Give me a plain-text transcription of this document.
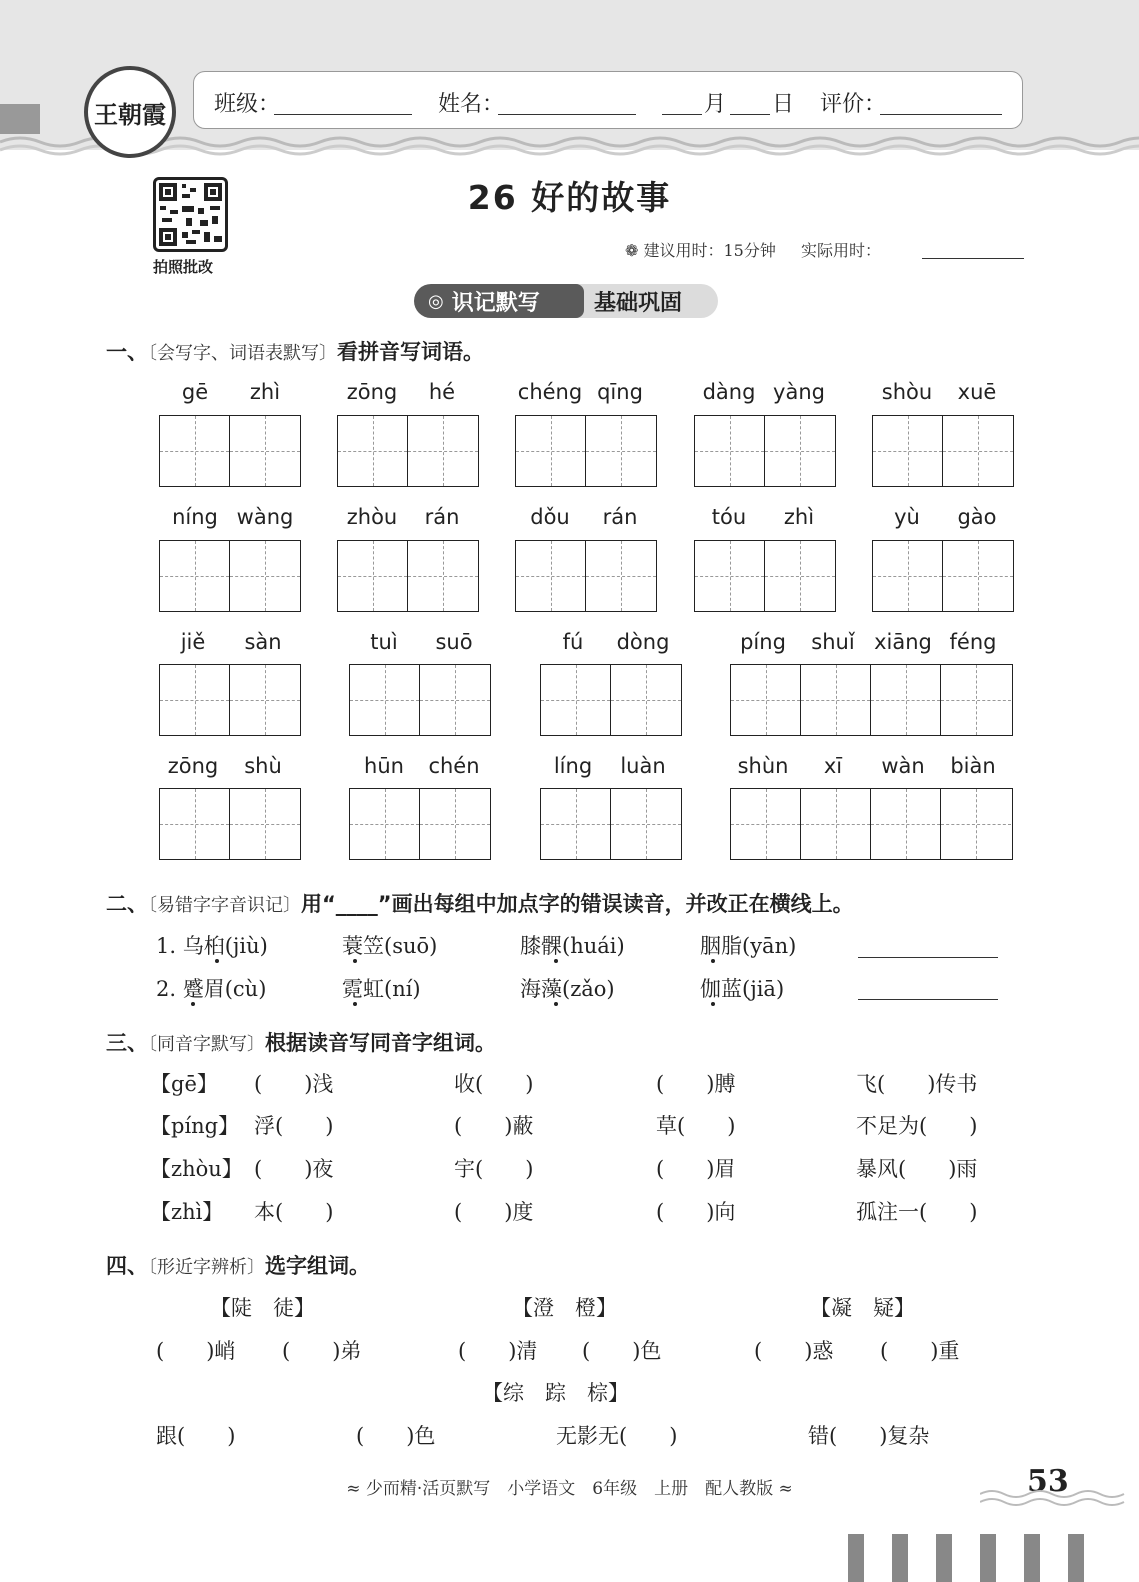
王朝霞 班级：	姓名：	月 日 评价：
拍照批改
26 好的故事
❁ 建议用时：15分钟 实际用时：
基础巩固
◎ 识记默写
一、〔会写字、词语表默写〕看拼音写词语。
gē	zhì	zōng	hé	chéng qīng	dàng yàng	shòu	xuē
níng wàng	zhòu	rán	dǒu	rán	tóu	zhì	yù	gào
jiě	sàn	tuì	suō	fú	dòng	píng	shuǐ xiāng féng
zōng	shù	hūn	chén	líng	luàn	shùn	xī	wàn	biàn
二、〔易错字字音识记〕用“____”画出每组中加点字的错误读音，并改正在横线上。
1. 乌桕(jiù)	蓑笠(suō)	膝髁(huái)	胭脂(yān)
2. 蹙眉(cù)	霓虹(ní)	海藻(zǎo)	伽蓝(jiā)
三、〔同音字默写〕根据读音写同音字组词。
【gē】 (　　)浅	收(　　)	(　　)膊	飞(　　)传书
【píng】 浮(　　)	(　　)蔽	草(　　)	不足为(　　)
【zhòu】 (　　)夜	宇(　　)	(　　)眉	暴风(　　)雨
【zhì】 本(　　)	(　　)度	(　　)向	孤注一(　　)
四、〔形近字辨析〕选字组词。
【陡　徒】	【澄　橙】	【凝　疑】
(　　)峭 (　　)弟	(　　)清 (　　)色	(　　)惑 (　　)重
【综　踪　棕】
跟(　　)	(　　)色	无影无(　　)	错(　　)复杂
≈ 少而精·活页默写　小学语文　6年级　上册　配人教版 ≈	53
